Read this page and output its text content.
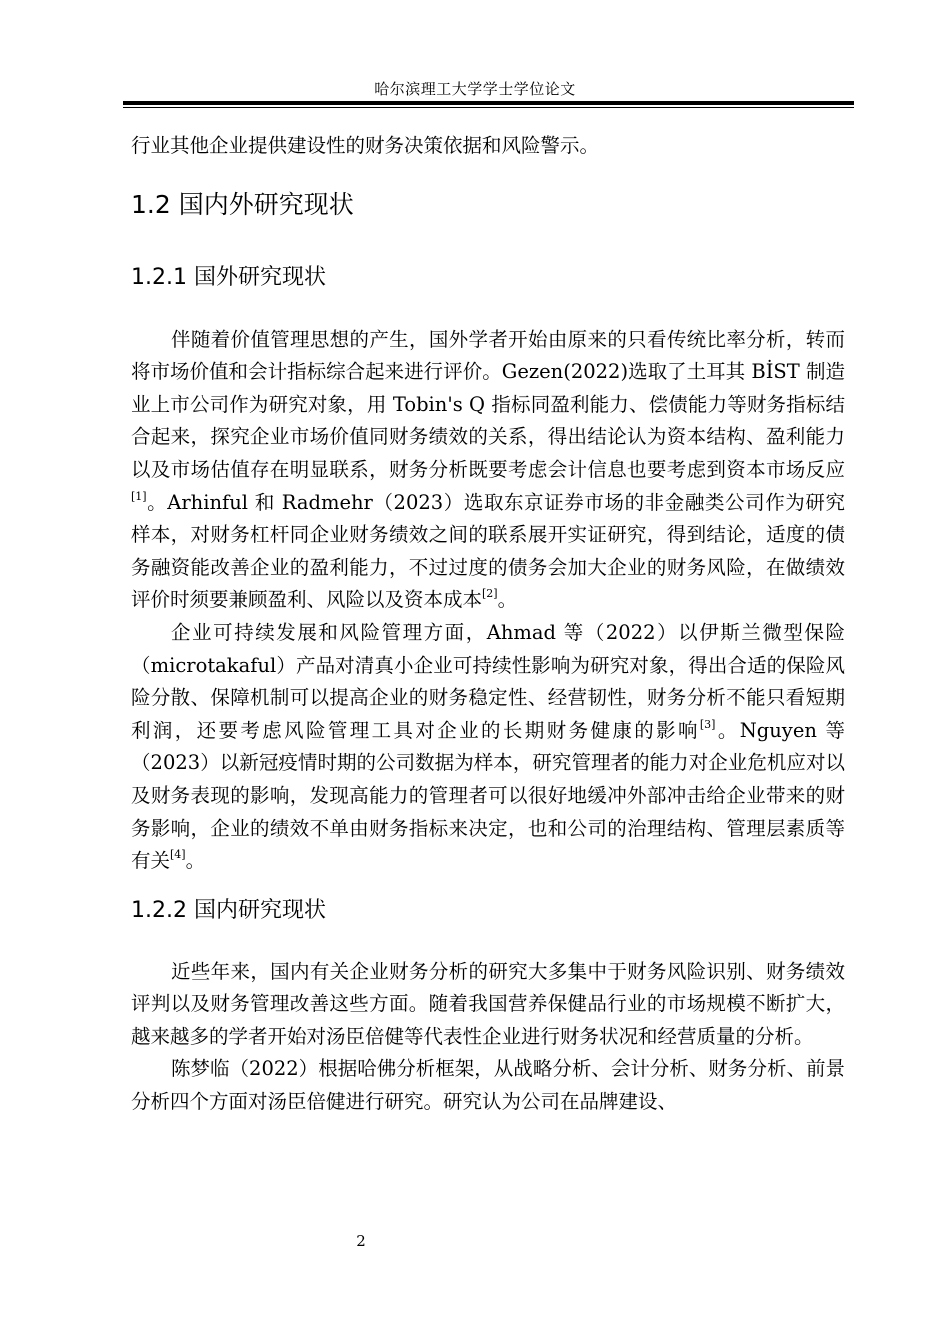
哈尔滨理工大学学士学位论文

行业其他企业提供建设性的财务决策依据和风险警示。

1.2 国内外研究现状
1.2.1 国外研究现状

伴随着价值管理思想的产生，国外学者开始由原来的只看传统比率分析，转而将市场价值和会计指标综合起来进行评价。Gezen(2022)选取了土耳其 BİST 制造业上市公司作为研究对象，用 Tobin's Q 指标同盈利能力、偿债能力等财务指标结合起来，探究企业市场价值同财务绩效的关系，得出结论认为资本结构、盈利能力以及市场估值存在明显联系，财务分析既要考虑会计信息也要考虑到资本市场反应[1]。Arhinful 和 Radmehr（2023）选取东京证券市场的非金融类公司作为研究样本，对财务杠杆同企业财务绩效之间的联系展开实证研究，得到结论，适度的债务融资能改善企业的盈利能力，不过过度的债务会加大企业的财务风险，在做绩效评价时须要兼顾盈利、风险以及资本成本[2]。

企业可持续发展和风险管理方面，Ahmad 等（2022）以伊斯兰微型保险（microtakaful）产品对清真小企业可持续性影响为研究对象，得出合适的保险风险分散、保障机制可以提高企业的财务稳定性、经营韧性，财务分析不能只看短期利润，还要考虑风险管理工具对企业的长期财务健康的影响[3]。Nguyen 等（2023）以新冠疫情时期的公司数据为样本，研究管理者的能力对企业危机应对以及财务表现的影响，发现高能力的管理者可以很好地缓冲外部冲击给企业带来的财务影响，企业的绩效不单由财务指标来决定，也和公司的治理结构、管理层素质等有关[4]。

1.2.2 国内研究现状

近些年来，国内有关企业财务分析的研究大多集中于财务风险识别、财务绩效评判以及财务管理改善这些方面。随着我国营养保健品行业的市场规模不断扩大，越来越多的学者开始对汤臣倍健等代表性企业进行财务状况和经营质量的分析。

陈梦临（2022）根据哈佛分析框架，从战略分析、会计分析、财务分析、前景分析四个方面对汤臣倍健进行研究。研究认为公司在品牌建设、

2
